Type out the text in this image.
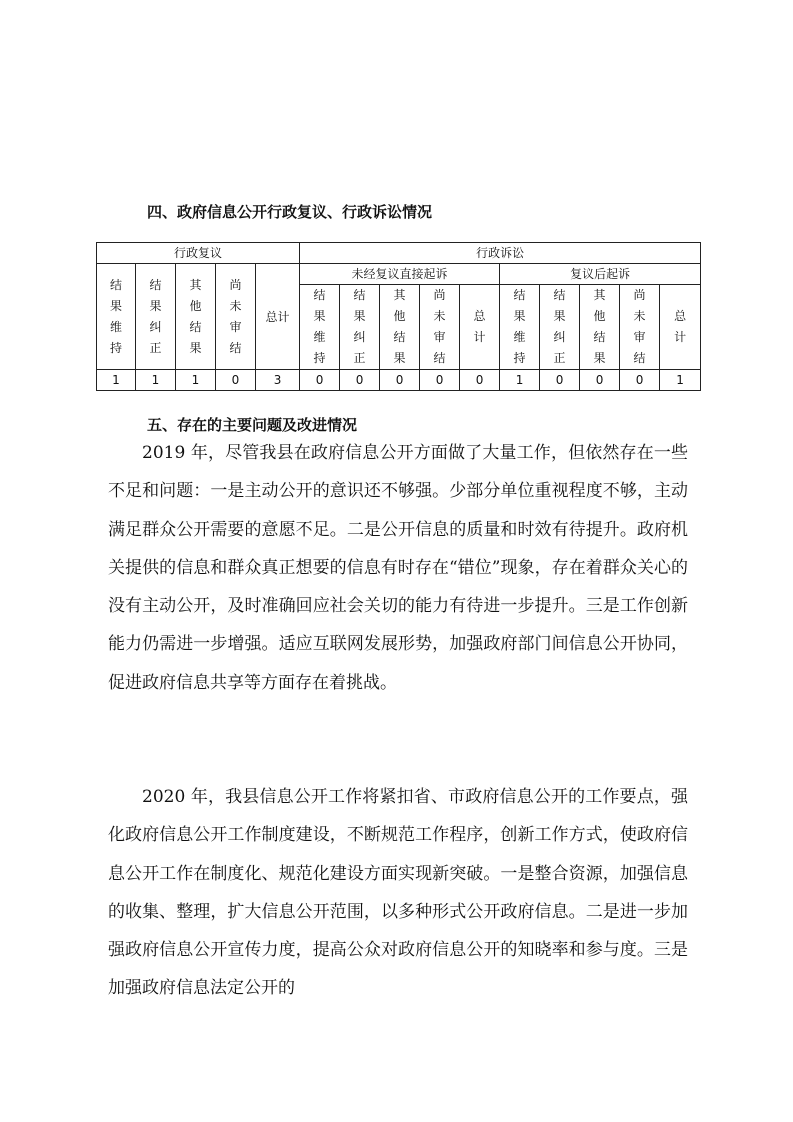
四、政府信息公开行政复议、行政诉讼情况
行政复议					行政诉讼									
结果维持	结果纠正	其他结果	尚未审结	总计	未经复议直接起诉					复议后起诉				
					结果维持	结果纠正	其他结果	尚未审结	总计	结果维持	结果纠正	其他结果	尚未审结	总计
1	1	1	0	3	0	0	0	0	0	1	0	0	0	1
五、存在的主要问题及改进情况

2019 年，尽管我县在政府信息公开方面做了大量工作，但依然存在一些不足和问题：一是主动公开的意识还不够强。少部分单位重视程度不够，主动满足群众公开需要的意愿不足。二是公开信息的质量和时效有待提升。政府机关提供的信息和群众真正想要的信息有时存在“错位”现象，存在着群众关心的没有主动公开，及时准确回应社会关切的能力有待进一步提升。三是工作创新能力仍需进一步增强。适应互联网发展形势，加强政府部门间信息公开协同，促进政府信息共享等方面存在着挑战。

2020 年，我县信息公开工作将紧扣省、市政府信息公开的工作要点，强化政府信息公开工作制度建设，不断规范工作程序，创新工作方式，使政府信息公开工作在制度化、规范化建设方面实现新突破。一是整合资源，加强信息的收集、整理，扩大信息公开范围，以多种形式公开政府信息。二是进一步加强政府信息公开宣传力度，提高公众对政府信息公开的知晓率和参与度。三是加强政府信息法定公开的
